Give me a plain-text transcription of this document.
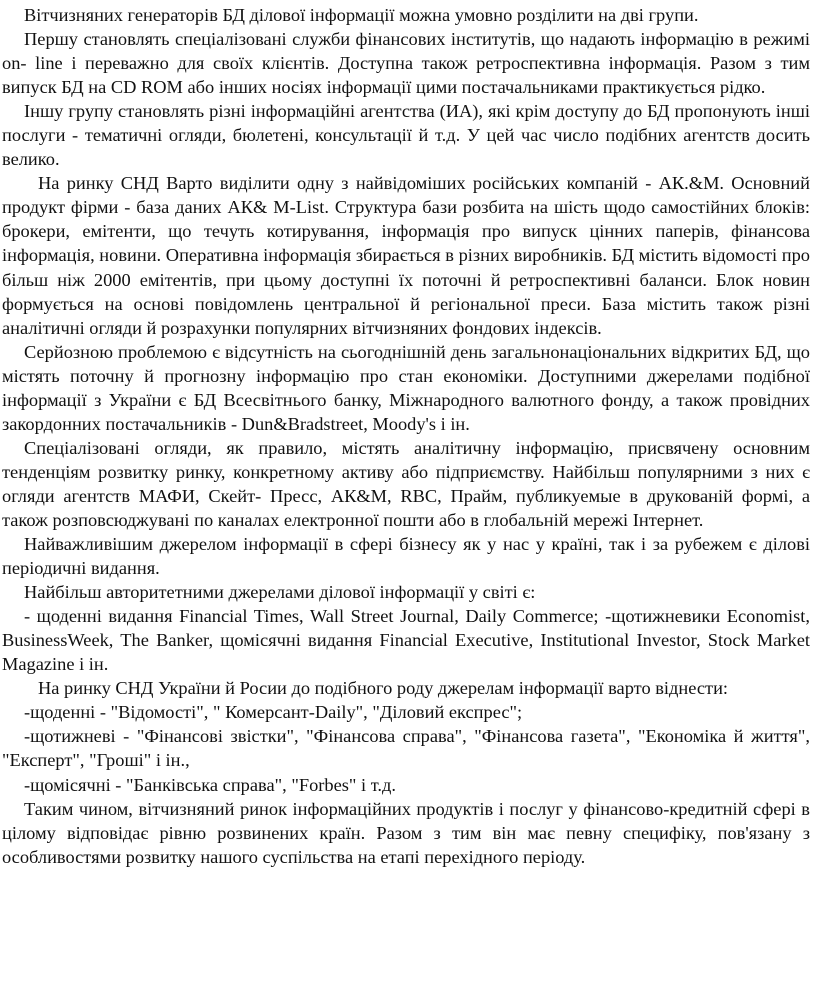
Вітчизняних генераторів БД ділової інформації можна умовно розділити на дві групи.

Першу становлять спеціалізовані служби фінансових інститутів, що надають інформацію в режимі on- line і переважно для своїх клієнтів. Доступна також ретроспективна інформація. Разом з тим випуск БД на CD ROM або інших носіях інформації цими постачальниками практикується рідко.

Іншу групу становлять різні інформаційні агентства (ИА), які крім доступу до БД пропонують інші послуги - тематичні огляди, бюлетені, консультації й т.д. У цей час число подібних агентств досить велико.

На ринку СНД Варто виділити одну з найвідоміших російських компаній - АК.&М. Основний продукт фірми - база даних АК& M-List. Структура бази розбита на шість щодо самостійних блоків: брокери, емітенти, що течуть котирування, інформація про випуск цінних паперів, фінансова інформація, новини. Оперативна інформація збирається в різних виробників. БД містить відомості про більш ніж 2000 емітентів, при цьому доступні їх поточні й ретроспективні баланси. Блок новин формується на основі повідомлень центральної й регіональної преси. База містить також різні аналітичні огляди й розрахунки популярних вітчизняних фондових індексів.

Серйозною проблемою є відсутність на сьогоднішній день загальнонаціональних відкритих БД, що містять поточну й прогнозну інформацію про стан економіки. Доступними джерелами подібної інформації з України є БД Всесвітнього банку, Міжнародного валютного фонду, а також провідних закордонних постачальників - Dun&Bradstreet, Moody's і ін.

Спеціалізовані огляди, як правило, містять аналітичну інформацію, присвячену основним тенденціям розвитку ринку, конкретному активу або підприємству. Найбільш популярними з них є огляди агентств МАФИ, Скейт- Пресс, АК&М, RBC, Прайм, публикуемые в друкованій формі, а також розповсюджувані по каналах електронної пошти або в глобальній мережі Інтернет.

Найважливішим джерелом інформації в сфері бізнесу як у нас у країні, так і за рубежем є ділові періодичні видання.

Найбільш авторитетними джерелами ділової інформації у світі є:

- щоденні видання Financial Times, Wall Street Journal, Daily Commerce; -щотижневики Economist, BusinessWeek, The Banker, щомісячні видання Financial Executive, Institutional Investor, Stock Market Magazine і ін.

На ринку СНД України й Росии до подібного роду джерелам інформації варто віднести:

-щоденні - "Відомості", " Комерсант-Daily", "Діловий експрес";

-щотижневі - "Фінансові звістки", "Фінансова справа", "Фінансова газета", "Економіка й життя", "Експерт", "Гроші" і ін.,

-щомісячні - "Банківська справа", "Forbes" і т.д.

Таким чином, вітчизняний ринок інформаційних продуктів і послуг у фінансово-кредитній сфері в цілому відповідає рівню розвинених країн. Разом з тим він має певну специфіку, пов'язану з особливостями розвитку нашого суспільства на етапі перехідного періоду.
